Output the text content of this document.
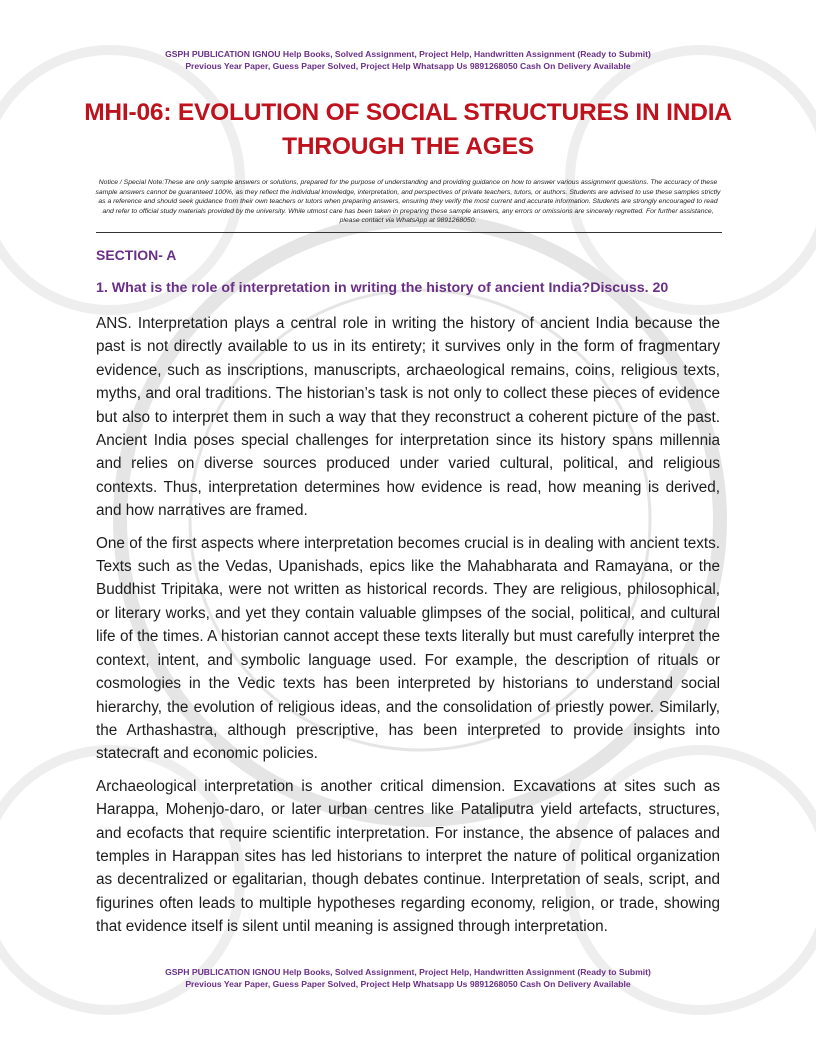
GSPH PUBLICATION IGNOU Help Books, Solved Assignment, Project Help, Handwritten Assignment (Ready to Submit)
Previous Year Paper, Guess Paper Solved, Project Help Whatsapp Us 9891268050 Cash On Delivery Available
MHI-06: EVOLUTION OF SOCIAL STRUCTURES IN INDIA THROUGH THE AGES
Notice / Special Note:These are only sample answers or solutions, prepared for the purpose of understanding and providing guidance on how to answer various assignment questions. The accuracy of these sample answers cannot be guaranteed 100%, as they reflect the individual knowledge, interpretation, and perspectives of private teachers, tutors, or authors. Students are advised to use these samples strictly as a reference and should seek guidance from their own teachers or tutors when preparing answers, ensuring they verify the most current and accurate information. Students are strongly encouraged to read and refer to official study materials provided by the university. While utmost care has been taken in preparing these sample answers, any errors or omissions are sincerely regretted. For further assistance, please contact via WhatsApp at 9891268050.
SECTION- A
1. What is the role of interpretation in writing the history of ancient India?Discuss. 20

ANS. Interpretation plays a central role in writing the history of ancient India because the past is not directly available to us in its entirety; it survives only in the form of fragmentary evidence, such as inscriptions, manuscripts, archaeological remains, coins, religious texts, myths, and oral traditions. The historian’s task is not only to collect these pieces of evidence but also to interpret them in such a way that they reconstruct a coherent picture of the past. Ancient India poses special challenges for interpretation since its history spans millennia and relies on diverse sources produced under varied cultural, political, and religious contexts. Thus, interpretation determines how evidence is read, how meaning is derived, and how narratives are framed.

One of the first aspects where interpretation becomes crucial is in dealing with ancient texts. Texts such as the Vedas, Upanishads, epics like the Mahabharata and Ramayana, or the Buddhist Tripitaka, were not written as historical records. They are religious, philosophical, or literary works, and yet they contain valuable glimpses of the social, political, and cultural life of the times. A historian cannot accept these texts literally but must carefully interpret the context, intent, and symbolic language used. For example, the description of rituals or cosmologies in the Vedic texts has been interpreted by historians to understand social hierarchy, the evolution of religious ideas, and the consolidation of priestly power. Similarly, the Arthashastra, although prescriptive, has been interpreted to provide insights into statecraft and economic policies.

Archaeological interpretation is another critical dimension. Excavations at sites such as Harappa, Mohenjo-daro, or later urban centres like Pataliputra yield artefacts, structures, and ecofacts that require scientific interpretation. For instance, the absence of palaces and temples in Harappan sites has led historians to interpret the nature of political organization as decentralized or egalitarian, though debates continue. Interpretation of seals, script, and figurines often leads to multiple hypotheses regarding economy, religion, or trade, showing that evidence itself is silent until meaning is assigned through interpretation.

GSPH PUBLICATION IGNOU Help Books, Solved Assignment, Project Help, Handwritten Assignment (Ready to Submit)
Previous Year Paper, Guess Paper Solved, Project Help Whatsapp Us 9891268050 Cash On Delivery Available
